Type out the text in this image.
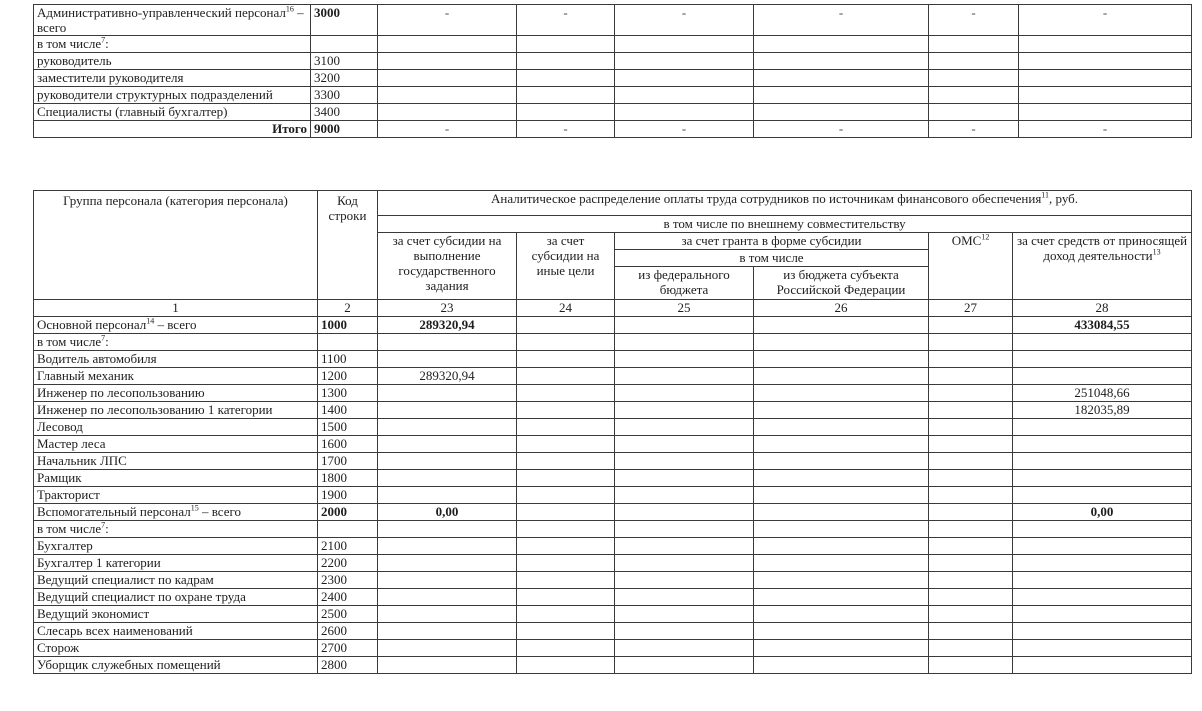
Административно-управленческий персонал$^{16}$ – всего	3000	-	-	-	-	-	-
в том числе$^7$:							
руководитель	3100						
заместители руководителя	3200						
руководители структурных подразделений	3300						
Специалисты (главный бухгалтер)	3400						
Итого	9000	-	-	-	-	-	-
Группа персонала (категория персонала)	Код строки	Аналитическое распределение оплаты труда сотрудников по источникам финансового обеспечения$^{11}$, руб.					
		в том числе по внешнему совместительству					
		за счет субсидии на выполнение государственного задания	за счет субсидии на иные цели	за счет гранта в форме субсидии		ОМС$^{12}$	за счет средств от приносящей доход деятельности$^{13}$
				в том числе			
				из федерального бюджета	из бюджета субъекта Российской Федерации		
1	2	23	24	25	26	27	28
Основной персонал$^{14}$ – всего	1000	289320,94					433084,55
в том числе$^7$:							
Водитель автомобиля	1100						
Главный механик	1200	289320,94					
Инженер по лесопользованию	1300						251048,66
Инженер по лесопользованию 1 категории	1400						182035,89
Лесовод	1500						
Мастер леса	1600						
Начальник ЛПС	1700						
Рамщик	1800						
Тракторист	1900						
Вспомогательный персонал$^{15}$ – всего	2000	0,00					0,00
в том числе$^7$:							
Бухгалтер	2100						
Бухгалтер 1 категории	2200						
Ведущий специалист по кадрам	2300						
Ведущий специалист по охране труда	2400						
Ведущий экономист	2500						
Слесарь всех наименований	2600						
Сторож	2700						
Уборщик служебных помещений	2800						
